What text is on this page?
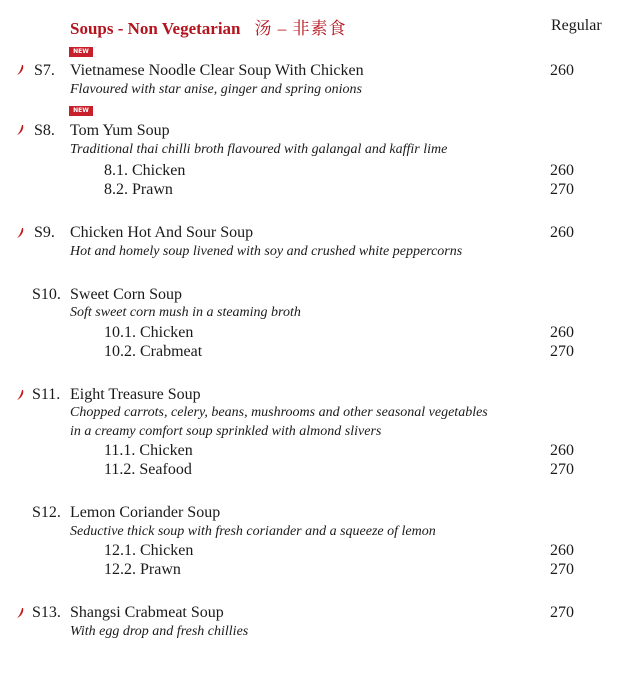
Soups - Non Vegetarian 汤 – 非素食	Regular
NEW
S7. Vietnamese Noodle Clear Soup With Chicken	260
Flavoured with star anise, ginger and spring onions
NEW
S8. Tom Yum Soup
Traditional thai chilli broth flavoured with galangal and kaffir lime
8.1. Chicken	260
8.2. Prawn	270
S9. Chicken Hot And Sour Soup	260
Hot and homely soup livened with soy and crushed white peppercorns
S10. Sweet Corn Soup
Soft sweet corn mush in a steaming broth
10.1. Chicken	260
10.2. Crabmeat	270
S11. Eight Treasure Soup
Chopped carrots, celery, beans, mushrooms and other seasonal vegetables
in a creamy comfort soup sprinkled with almond slivers
11.1. Chicken	260
11.2. Seafood	270
S12. Lemon Coriander Soup
Seductive thick soup with fresh coriander and a squeeze of lemon
12.1. Chicken	260
12.2. Prawn	270
S13. Shangsi Crabmeat Soup	270
With egg drop and fresh chillies
